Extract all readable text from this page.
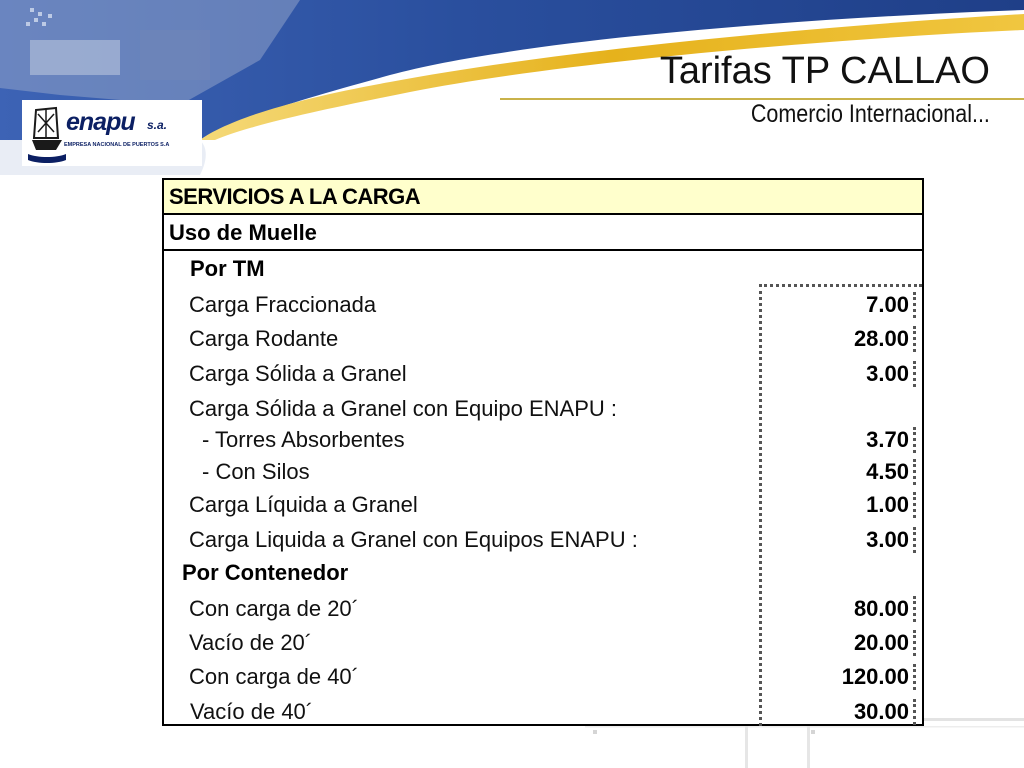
enapu s.a.
EMPRESA NACIONAL DE PUERTOS S.A
Tarifas TP CALLAO
Comercio Internacional...
SERVICIOS A LA CARGA
Uso de Muelle
Por TM
Carga Fraccionada	7.00
Carga Rodante	28.00
Carga Sólida a Granel	3.00
Carga Sólida a Granel con Equipo ENAPU :
- Torres Absorbentes	3.70
- Con Silos	4.50
Carga Líquida a Granel	1.00
Carga Liquida a Granel con Equipos ENAPU :	3.00
Por Contenedor
Con carga de 20´	80.00
Vacío de 20´	20.00
Con carga de 40´	120.00
Vacío de 40´	30.00
